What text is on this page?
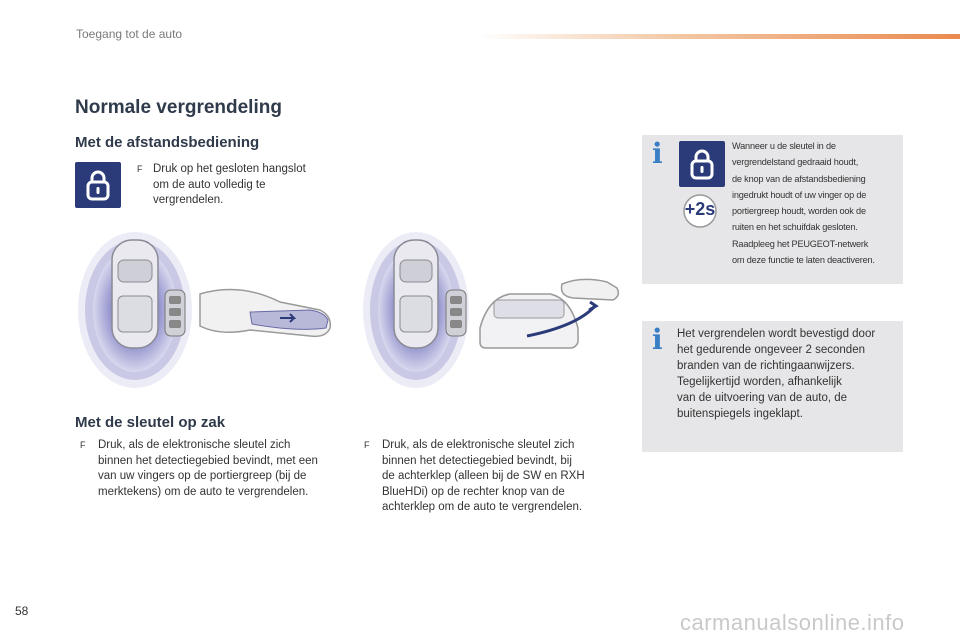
Toegang tot de auto
Normale vergrendeling
Met de afstandsbediening
F Druk op het gesloten hangslot
om de auto volledig te
vergrendelen.
Met de sleutel op zak
F Druk, als de elektronische sleutel zich
binnen het detectiegebied bevindt, met een
van uw vingers op de portiergreep (bij de
merktekens) om de auto te vergrendelen.
F Druk, als de elektronische sleutel zich
binnen het detectiegebied bevindt, bij
de achterklep (alleen bij de SW en RXH
BlueHDi) op de rechter knop van de
achterklep om de auto te vergrendelen.
i
+2s
Wanneer u de sleutel in de
vergrendelstand gedraaid houdt,
de knop van de afstandsbediening
ingedrukt houdt of uw vinger op de
portiergreep houdt, worden ook de
ruiten en het schuifdak gesloten.
Raadpleeg het PEUGEOT-netwerk
om deze functie te laten deactiveren.
i Het vergrendelen wordt bevestigd door
het gedurende ongeveer 2 seconden
branden van de richtingaanwijzers.
Tegelijkertijd worden, afhankelijk
van de uitvoering van de auto, de
buitenspiegels ingeklapt.
58	carmanualsonline.info
